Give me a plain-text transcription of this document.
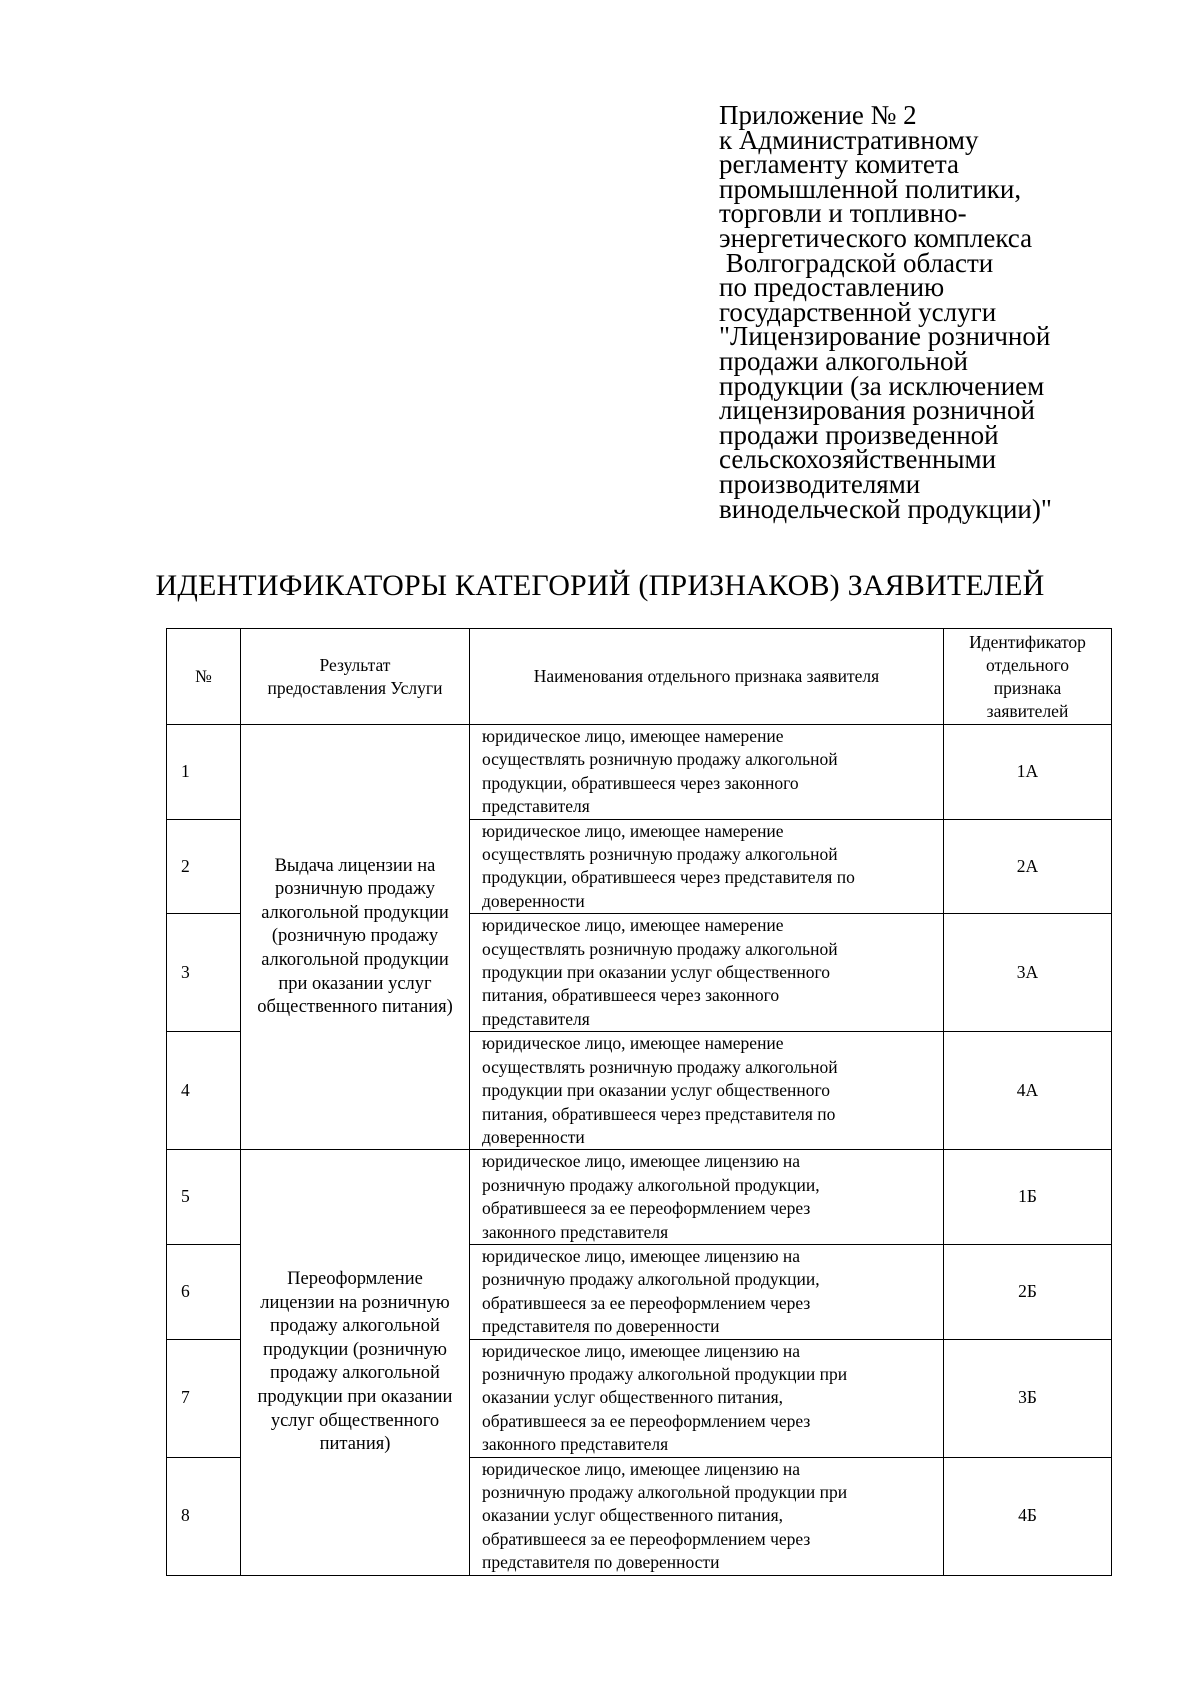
Приложение № 2
к Административному
регламенту комитета
промышленной политики,
торговли и топливно-
энергетического комплекса
Волгоградской области
по предоставлению
государственной услуги
"Лицензирование розничной
продажи алкогольной
продукции (за исключением
лицензирования розничной
продажи произведенной
сельскохозяйственными
производителями
винодельческой продукции)"
ИДЕНТИФИКАТОРЫ КАТЕГОРИЙ (ПРИЗНАКОВ) ЗАЯВИТЕЛЕЙ
№	Результат
предоставления Услуги	Наименования отдельного признака заявителя	Идентификатор
отдельного
признака
заявителей
1	Выдача лицензии на розничную продажу алкогольной продукции (розничную продажу алкогольной продукции при оказании услуг общественного питания)	юридическое лицо, имеющее намерение
осуществлять розничную продажу алкогольной
продукции, обратившееся через законного
представителя	1А
2		юридическое лицо, имеющее намерение
осуществлять розничную продажу алкогольной
продукции, обратившееся через представителя по
доверенности	2А
3		юридическое лицо, имеющее намерение
осуществлять розничную продажу алкогольной
продукции при оказании услуг общественного
питания, обратившееся через законного
представителя	3А
4		юридическое лицо, имеющее намерение
осуществлять розничную продажу алкогольной
продукции при оказании услуг общественного
питания, обратившееся через представителя по
доверенности	4А
5	Переоформление лицензии на розничную продажу алкогольной продукции (розничную продажу алкогольной продукции при оказании услуг общественного питания)	юридическое лицо, имеющее лицензию на
розничную продажу алкогольной продукции,
обратившееся за ее переоформлением через
законного представителя	1Б
6		юридическое лицо, имеющее лицензию на
розничную продажу алкогольной продукции,
обратившееся за ее переоформлением через
представителя по доверенности	2Б
7		юридическое лицо, имеющее лицензию на
розничную продажу алкогольной продукции при
оказании услуг общественного питания,
обратившееся за ее переоформлением через
законного представителя	3Б
8		юридическое лицо, имеющее лицензию на
розничную продажу алкогольной продукции при
оказании услуг общественного питания,
обратившееся за ее переоформлением через
представителя по доверенности	4Б
